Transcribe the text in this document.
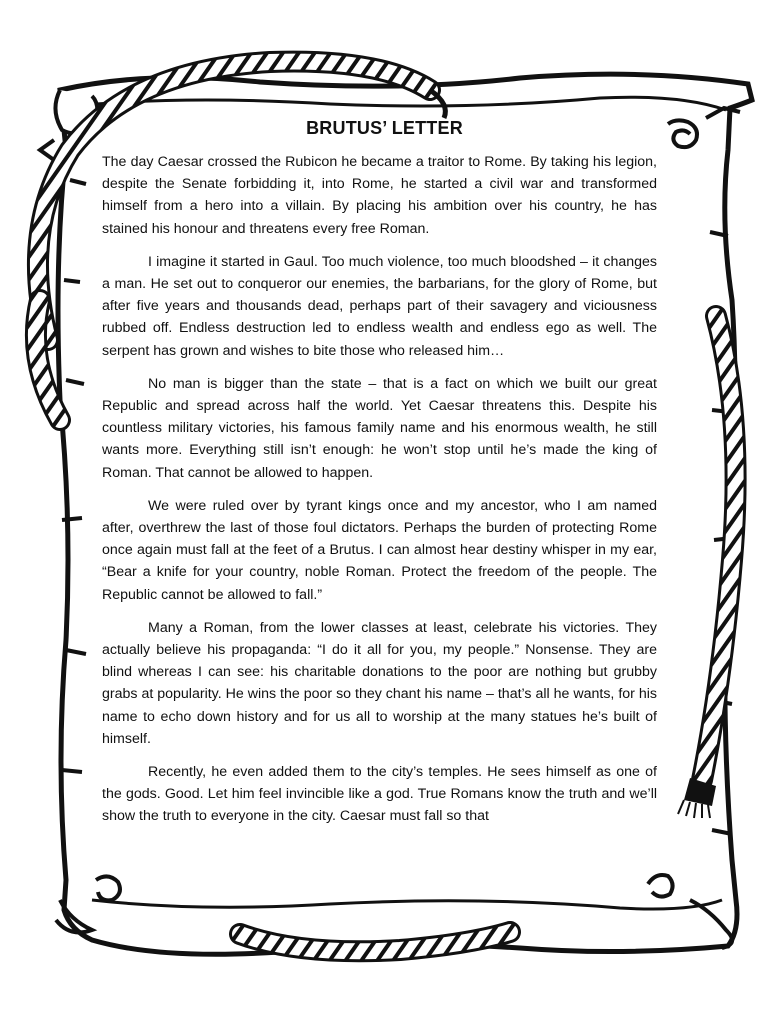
BRUTUS’ LETTER

The day Caesar crossed the Rubicon he became a traitor to Rome. By taking his legion, despite the Senate forbidding it, into Rome, he started a civil war and transformed himself from a hero into a villain. By placing his ambition over his country, he has stained his honour and threatens every free Roman.

I imagine it started in Gaul. Too much violence, too much bloodshed – it changes a man. He set out to conqueror our enemies, the barbarians, for the glory of Rome, but after five years and thousands dead, perhaps part of their savagery and viciousness rubbed off. Endless destruction led to endless wealth and endless ego as well. The serpent has grown and wishes to bite those who released him…

No man is bigger than the state – that is a fact on which we built our great Republic and spread across half the world. Yet Caesar threatens this. Despite his countless military victories, his famous family name and his enormous wealth, he still wants more. Everything still isn’t enough: he won’t stop until he’s made the king of Roman. That cannot be allowed to happen.

We were ruled over by tyrant kings once and my ancestor, who I am named after, overthrew the last of those foul dictators. Perhaps the burden of protecting Rome once again must fall at the feet of a Brutus. I can almost hear destiny whisper in my ear, “Bear a knife for your country, noble Roman. Protect the freedom of the people. The Republic cannot be allowed to fall.”

Many a Roman, from the lower classes at least, celebrate his victories. They actually believe his propaganda: “I do it all for you, my people.” Nonsense. They are blind whereas I can see: his charitable donations to the poor are nothing but grubby grabs at popularity. He wins the poor so they chant his name – that’s all he wants, for his name to echo down history and for us all to worship at the many statues he’s built of himself.

Recently, he even added them to the city’s temples. He sees himself as one of the gods. Good. Let him feel invincible like a god. True Romans know the truth and we’ll show the truth to everyone in the city. Caesar must fall so that
